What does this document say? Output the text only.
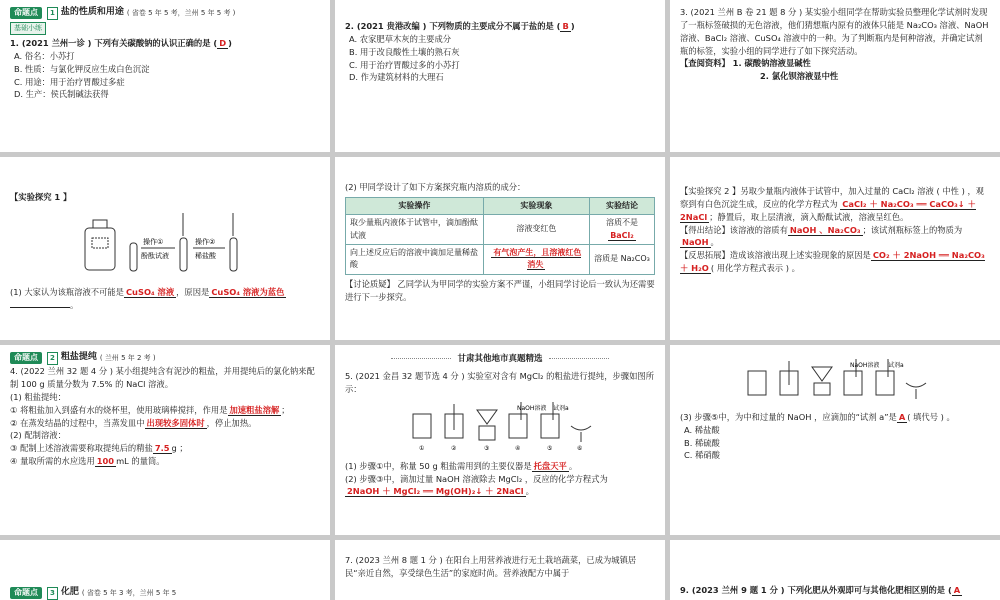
命题点	1 盐的性质和用途 ( 省卷 5 年 5 考，兰州 5 年 5 考 )

基础小练
1. (2021 兰州一诊 ) 下列有关碳酸钠的认识正确的是 ( D )
A. 俗名：小苏打
B. 性质：与氯化钾反应生成白色沉淀
C. 用途：用于治疗胃酸过多症
D. 生产：侯氏制碱法获得
2. (2021 贵港改编 ) 下列物质的主要成分不属于盐的是 ( B )
A. 农家肥草木灰的主要成分
B. 用于改良酸性土壤的熟石灰
C. 用于治疗胃酸过多的小苏打
D. 作为建筑材料的大理石
3. (2021 兰州 B 卷 21 题 8 分 ) 某实验小组同学在帮助实验员整理化学试剂时发现了一瓶标签破损的无色溶液，他们猜想瓶内原有的液体只能是 Na₂CO₃ 溶液、NaOH 溶液、BaCl₂ 溶液、CuSO₄ 溶液中的一种。为了判断瓶内是何种溶液，并确定试剂瓶的标签，实验小组的同学进行了如下探究活动。
【查阅资料】 1. 碳酸钠溶液显碱性
2. 氯化钡溶液显中性
【实验探究 1 】
操作①
酚酞试液
操作②
稀盐酸
(1) 大家认为该瓶溶液不可能是 CuSO₄ 溶液 ，原因是 CuSO₄ 溶液为蓝色
。
(2) 甲同学设计了如下方案探究瓶内溶质的成分：
实验操作	实验现象	实验结论
取少量瓶内液体于试管中，滴加酚酞试液	溶液变红色	溶质不是BaCl₂
向上述反应后的溶液中滴加足量稀盐酸	有气泡产生，且溶液红色消失	溶质是 Na₂CO₃
【讨论质疑】 乙同学认为甲同学的实验方案不严谨，小组同学讨论后一致认为还需要进行下一步探究。
【实验探究 2 】另取少量瓶内液体于试管中，加入过量的 CaCl₂ 溶液 ( 中性 ) ，观察到有白色沉淀生成，反应的化学方程式为 CaCl₂ ＋ Na₂CO₃ ══ CaCO₃↓ ＋ 2NaCl ；静置后，取上层清液，滴入酚酞试液，溶液呈红色。
【得出结论】该溶液的溶质有 NaOH 、Na₂CO₃ ；该试剂瓶标签上的物质为NaOH 。
【反思拓展】造成该溶液出现上述实验现象的原因是 CO₂ ＋ 2NaOH ══ Na₂CO₃ ＋ H₂O ( 用化学方程式表示 ) 。
命题点	2 粗盐提纯 ( 兰州 5 年 2 考 )
4. (2022 兰州 32 题 4 分 ) 某小组提纯含有泥沙的粗盐，并用提纯后的氯化钠来配制 100 g 质量分数为 7.5% 的 NaCl 溶液。
(1) 粗盐提纯：
① 将粗盐加入到盛有水的烧杯里，使用玻璃棒搅拌，作用是 加速粗盐溶解 ；
② 在蒸发结晶的过程中，当蒸发皿中 出现较多固体时 ，停止加热。
(2) 配制溶液：
③ 配制上述溶液需要称取提纯后的精盐 7.5 g ；
④ 量取所需的水应选用 100 mL 的量筒。
甘肃其他地市真题精选
5. (2021 金昌 32 题节选 4 分 ) 实验室对含有 MgCl₂ 的粗盐进行提纯，步骤如图所示：
NaOH溶液 试剂a
①	②	③	④	⑤	⑥
(1) 步骤①中，称量 50 g 粗盐需用到的主要仪器是 托盘天平 。
(2) 步骤③中，滴加过量 NaOH 溶液除去 MgCl₂ ，反应的化学方程式为
2NaOH ＋ MgCl₂ ══ Mg(OH)₂↓ ＋ 2NaCl 。
NaOH溶液 试剂a
(3) 步骤⑤中，为中和过量的 NaOH ，应滴加的“试剂 a”是 A ( 填代号 ) 。
A. 稀盐酸
B. 稀硫酸
C. 稀硝酸
命题点	3 化肥 ( 省卷 5 年 3 考，兰州 5 年 5
7. (2023 兰州 8 题 1 分 ) 在阳台上用营养液进行无土栽培蔬菜，已成为城镇居民“亲近自然，享受绿色生活”的家庭时尚。营养液配方中属于
9. (2023 兰州 9 题 1 分 ) 下列化肥从外观即可与其他化肥相区别的是 ( A
